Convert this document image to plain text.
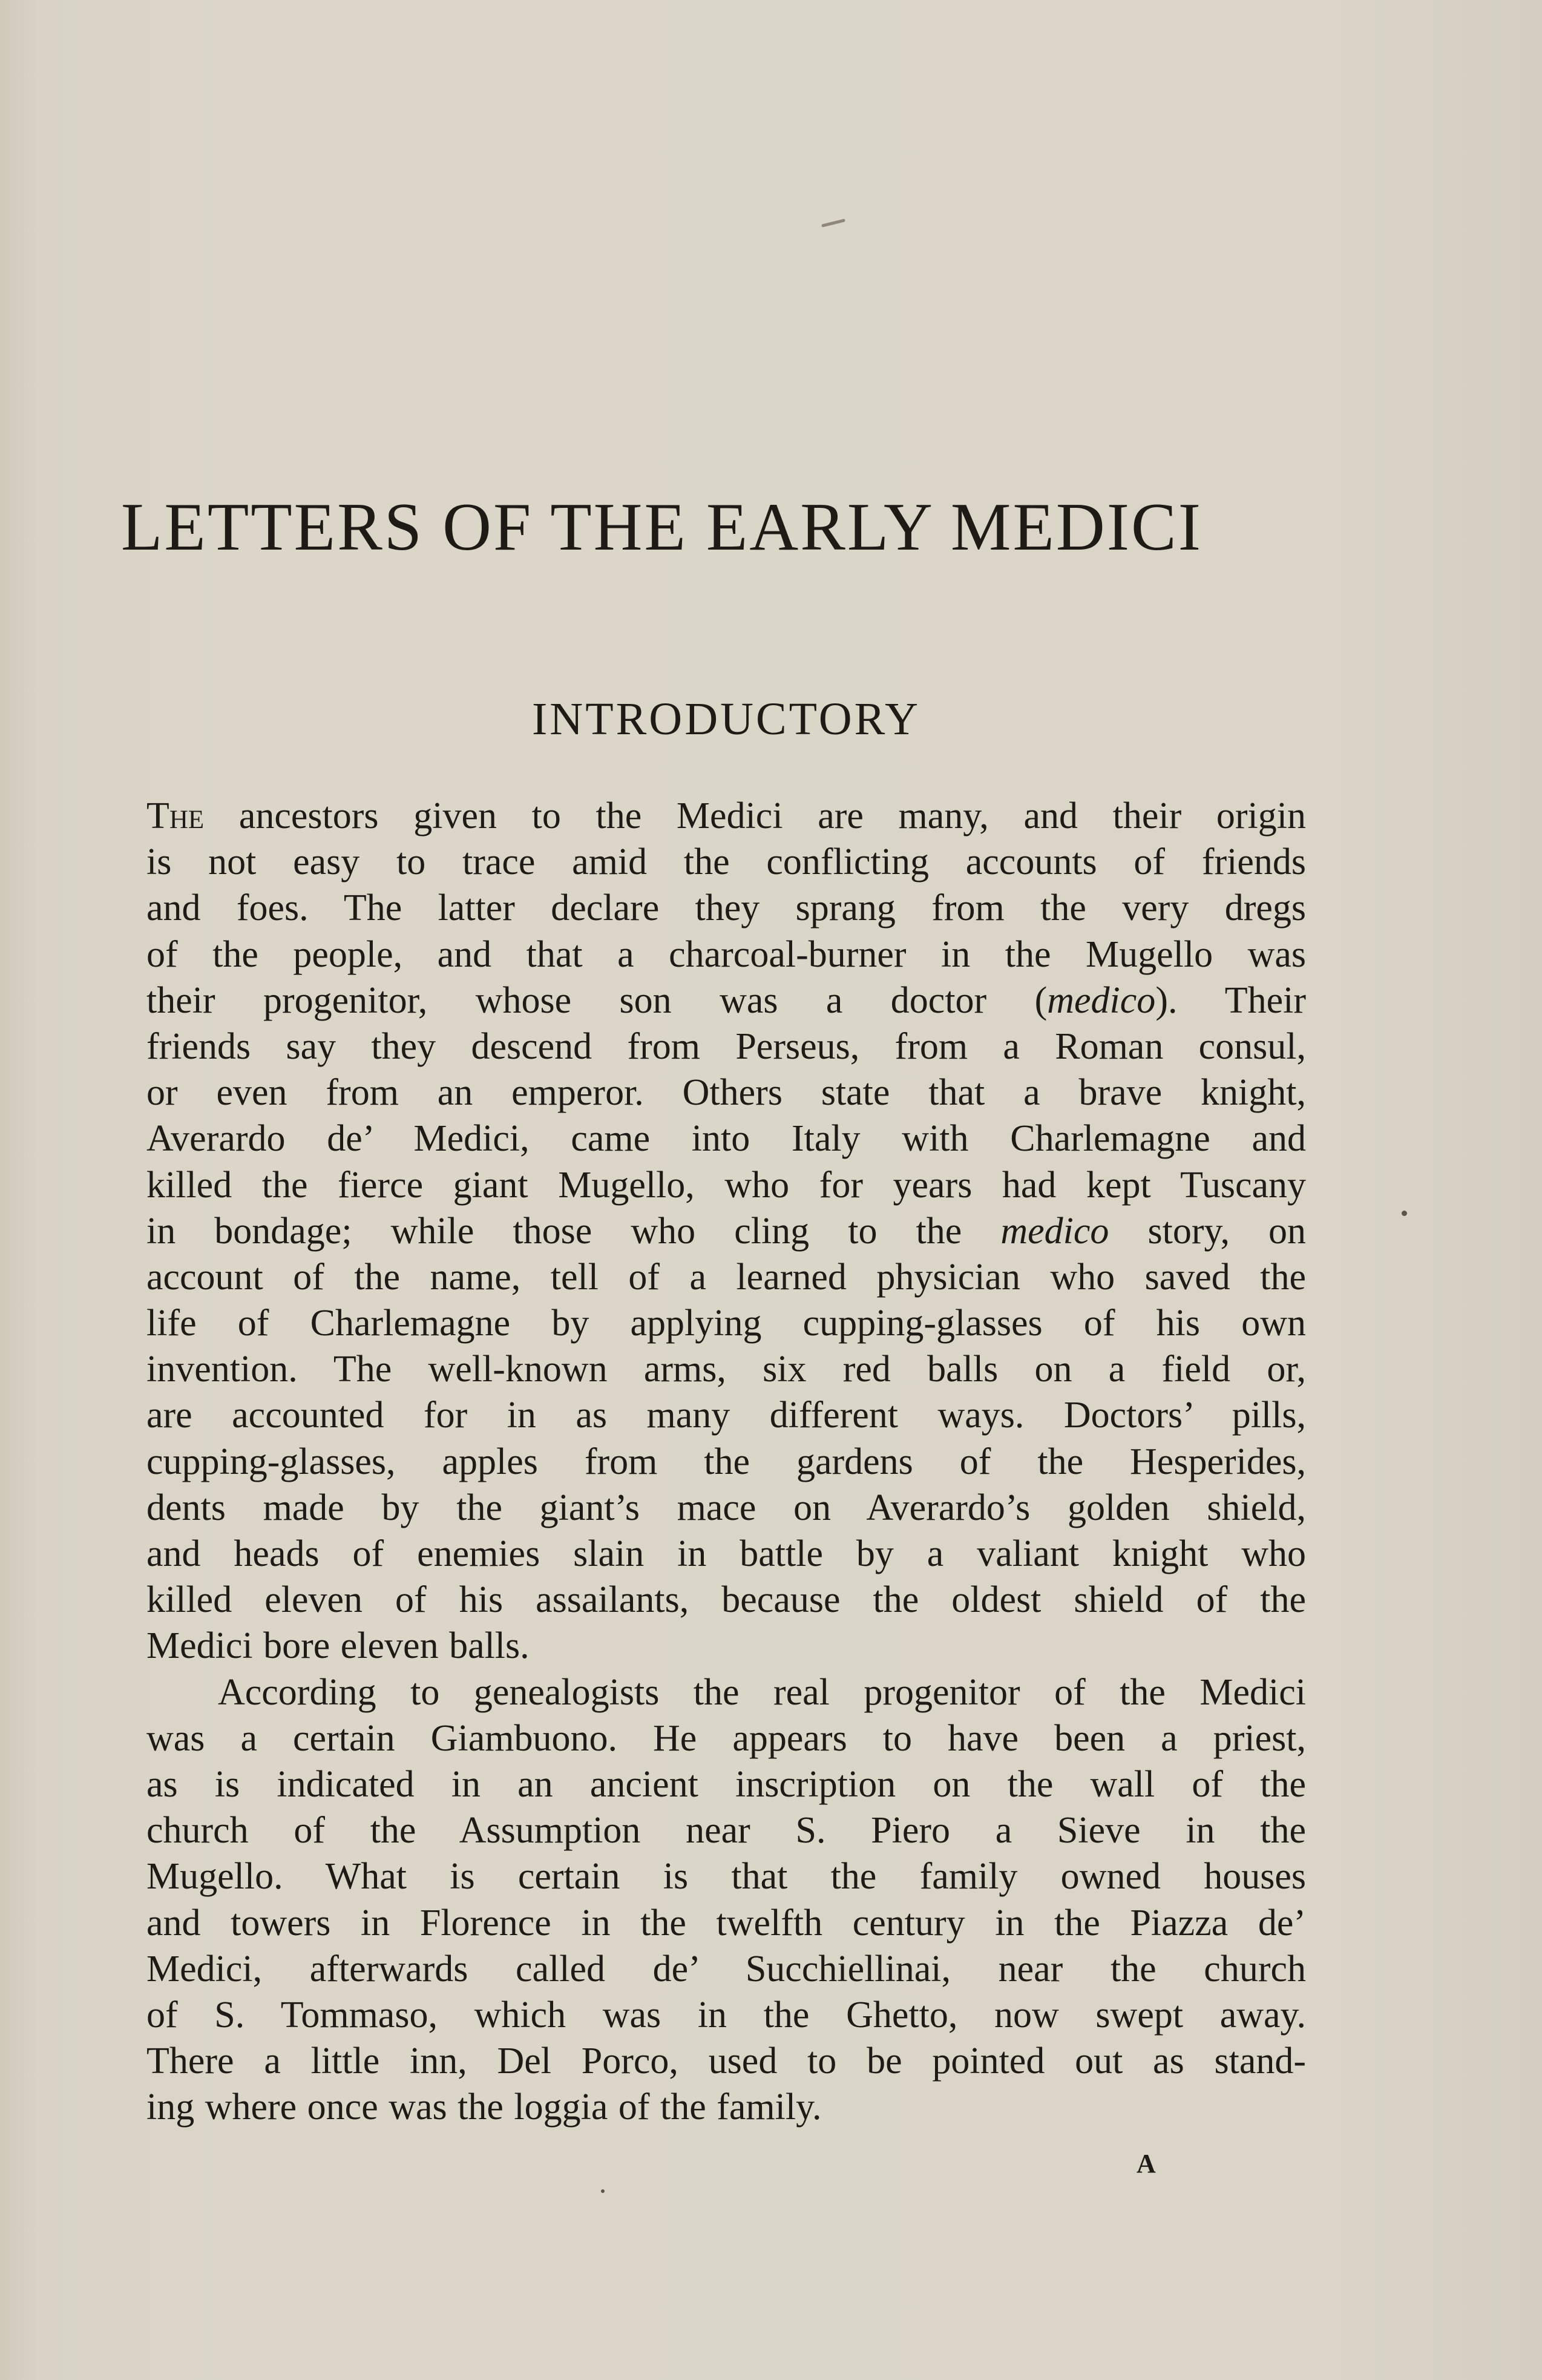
LETTERS OF THE EARLY MEDICI
INTRODUCTORY
The ancestors given to the Medici are many, and their origin
is not easy to trace amid the conflicting accounts of friends
and foes. The latter declare they sprang from the very dregs
of the people, and that a charcoal-burner in the Mugello was
their progenitor, whose son was a doctor (medico). Their
friends say they descend from Perseus, from a Roman consul,
or even from an emperor. Others state that a brave knight,
Averardo de’ Medici, came into Italy with Charlemagne and
killed the fierce giant Mugello, who for years had kept Tuscany
in bondage; while those who cling to the medico story, on
account of the name, tell of a learned physician who saved the
life of Charlemagne by applying cupping-glasses of his own
invention. The well-known arms, six red balls on a field or,
are accounted for in as many different ways. Doctors’ pills,
cupping-glasses, apples from the gardens of the Hesperides,
dents made by the giant’s mace on Averardo’s golden shield,
and heads of enemies slain in battle by a valiant knight who
killed eleven of his assailants, because the oldest shield of the
Medici bore eleven balls.
According to genealogists the real progenitor of the Medici
was a certain Giambuono. He appears to have been a priest,
as is indicated in an ancient inscription on the wall of the
church of the Assumption near S. Piero a Sieve in the
Mugello. What is certain is that the family owned houses
and towers in Florence in the twelfth century in the Piazza de’
Medici, afterwards called de’ Succhiellinai, near the church
of S. Tommaso, which was in the Ghetto, now swept away.
There a little inn, Del Porco, used to be pointed out as stand-
ing where once was the loggia of the family.
A
